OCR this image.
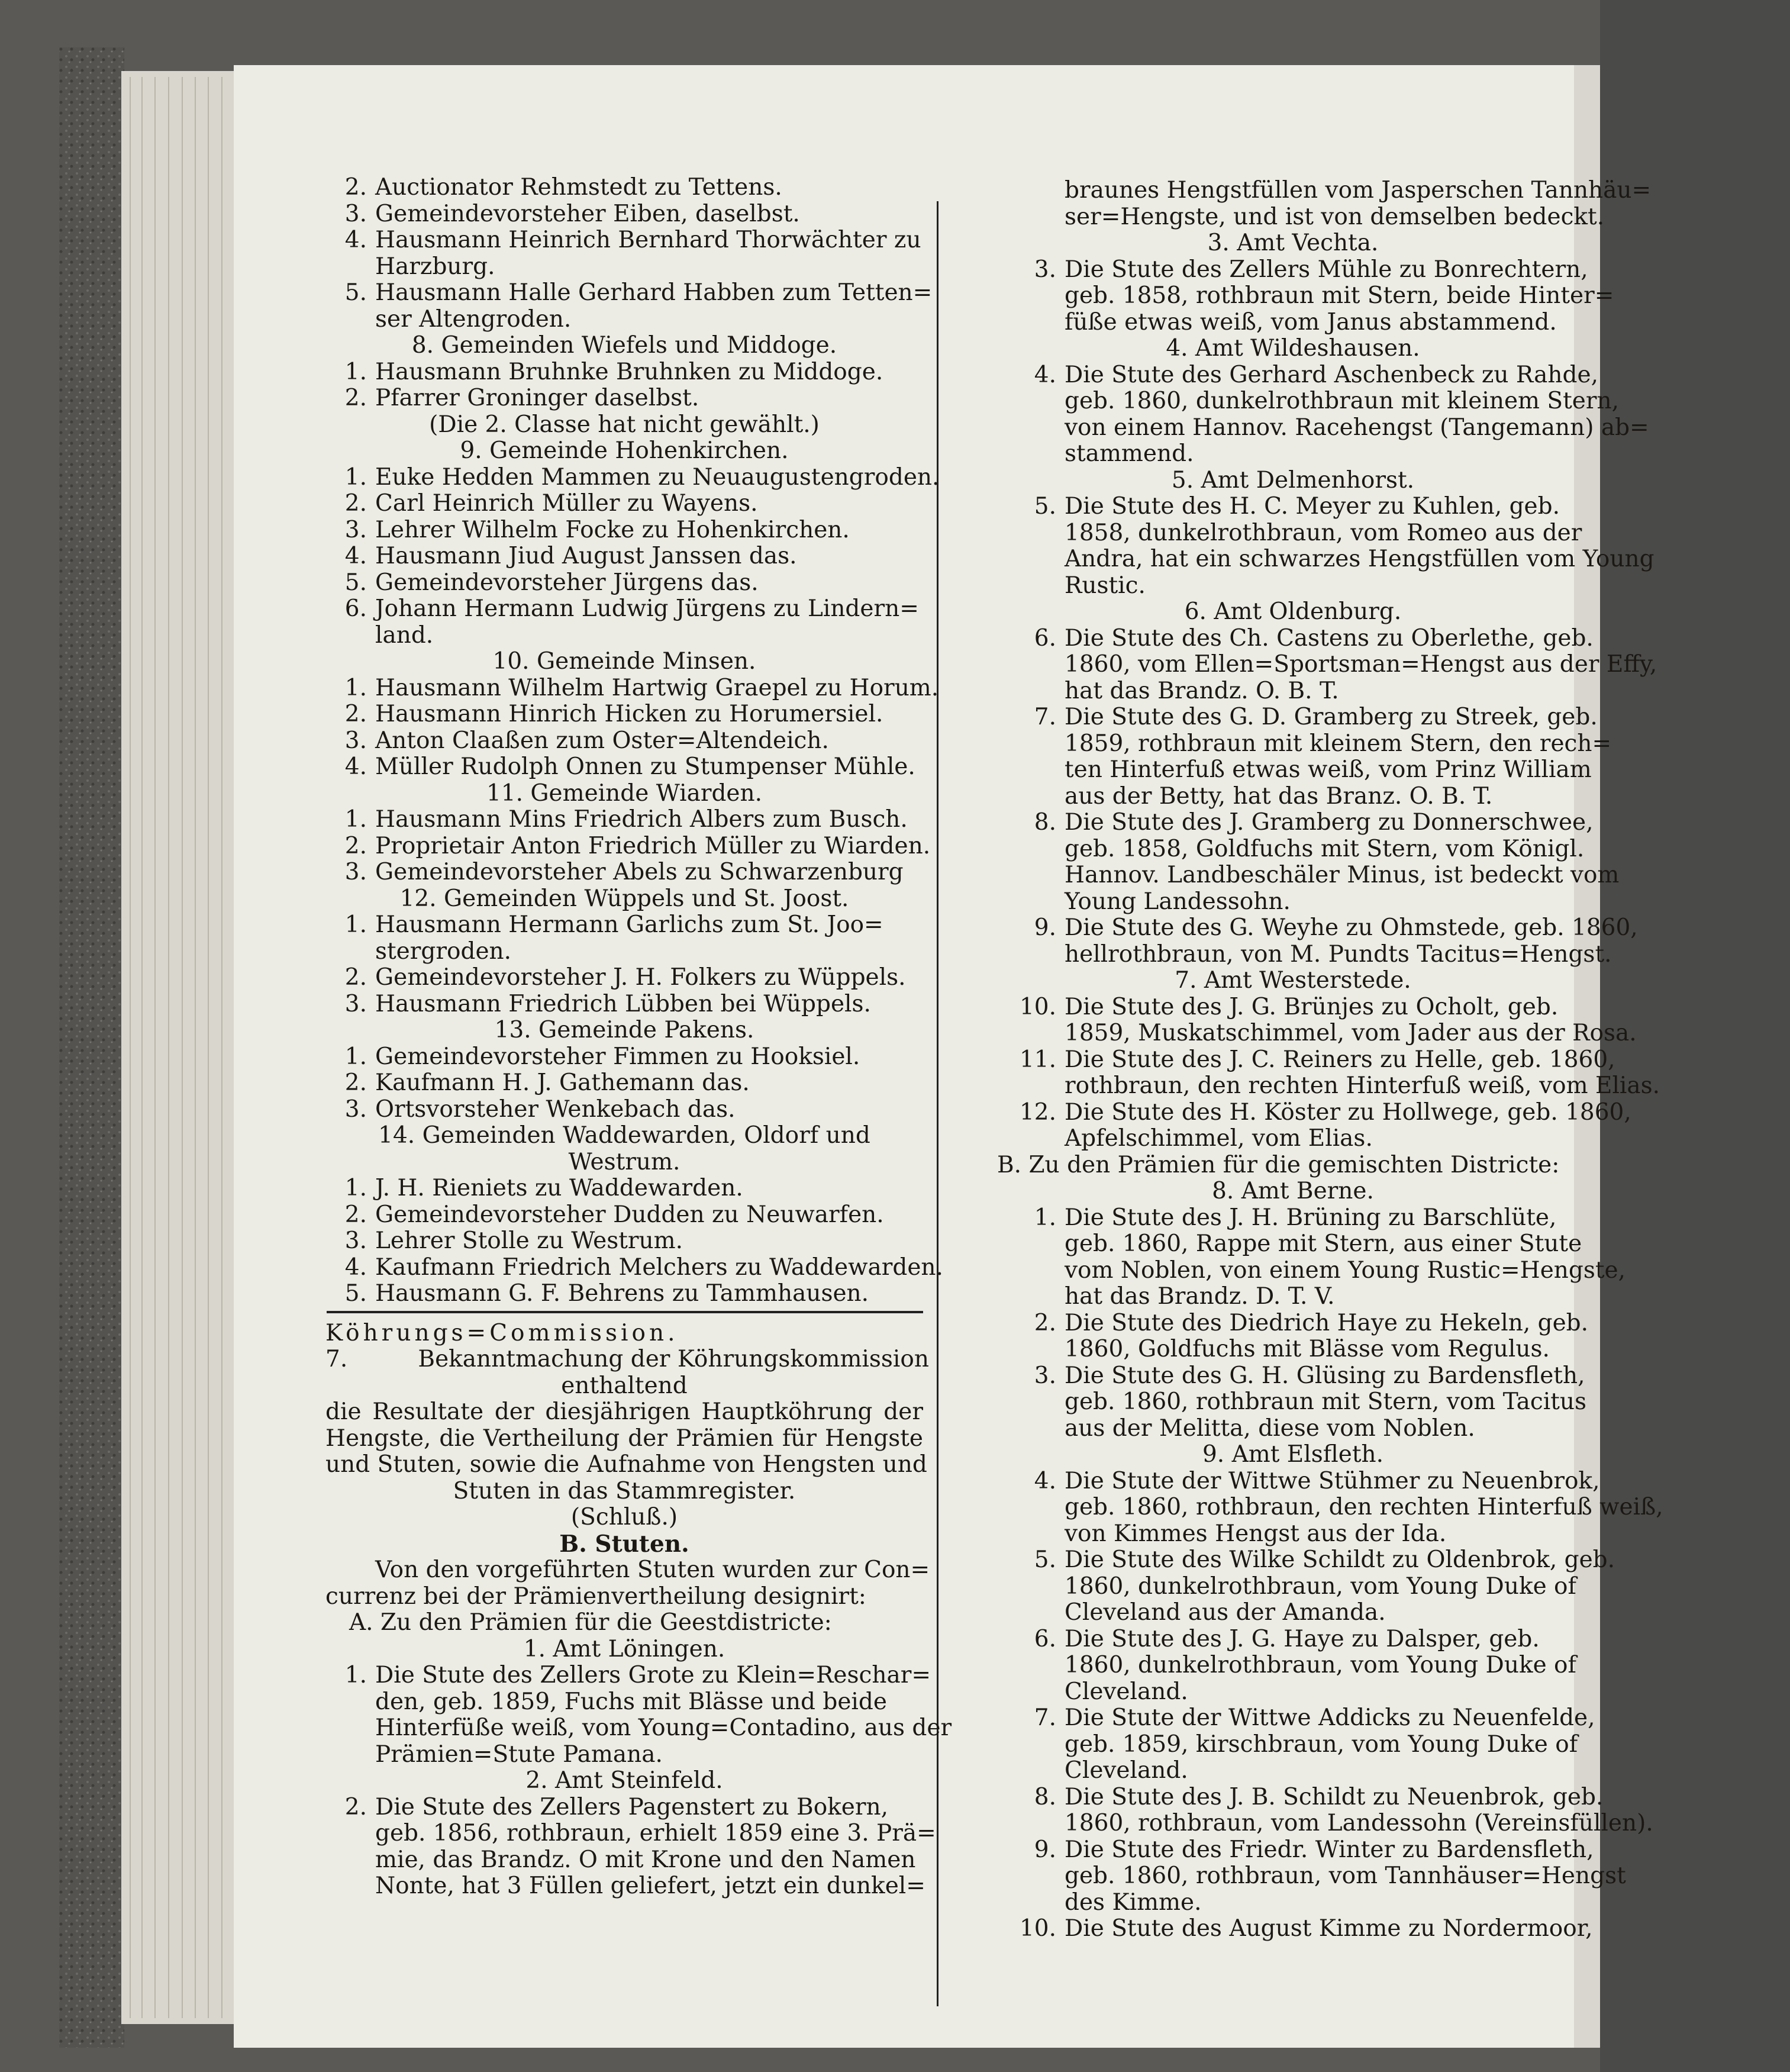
2. Auctionator Rehmstedt zu Tettens.
3. Gemeindevorsteher Eiben, daselbst.
4. Hausmann Heinrich Bernhard Thorwächter zu
Harzburg.
5. Hausmann Halle Gerhard Habben zum Tetten=
ser Altengroden.
8. Gemeinden Wiefels und Middoge.
1. Hausmann Bruhnke Bruhnken zu Middoge.
2. Pfarrer Groninger daselbst.
(Die 2. Classe hat nicht gewählt.)
9. Gemeinde Hohenkirchen.
1. Euke Hedden Mammen zu Neuaugustengroden.
2. Carl Heinrich Müller zu Wayens.
3. Lehrer Wilhelm Focke zu Hohenkirchen.
4. Hausmann Jiud August Janssen das.
5. Gemeindevorsteher Jürgens das.
6. Johann Hermann Ludwig Jürgens zu Lindern=
land.
10. Gemeinde Minsen.
1. Hausmann Wilhelm Hartwig Graepel zu Horum.
2. Hausmann Hinrich Hicken zu Horumersiel.
3. Anton Claaßen zum Oster=Altendeich.
4. Müller Rudolph Onnen zu Stumpenser Mühle.
11. Gemeinde Wiarden.
1. Hausmann Mins Friedrich Albers zum Busch.
2. Proprietair Anton Friedrich Müller zu Wiarden.
3. Gemeindevorsteher Abels zu Schwarzenburg
12. Gemeinden Wüppels und St. Joost.
1. Hausmann Hermann Garlichs zum St. Joo=
stergroden.
2. Gemeindevorsteher J. H. Folkers zu Wüppels.
3. Hausmann Friedrich Lübben bei Wüppels.
13. Gemeinde Pakens.
1. Gemeindevorsteher Fimmen zu Hooksiel.
2. Kaufmann H. J. Gathemann das.
3. Ortsvorsteher Wenkebach das.
14. Gemeinden Waddewarden, Oldorf und
Westrum.
1. J. H. Rieniets zu Waddewarden.
2. Gemeindevorsteher Dudden zu Neuwarfen.
3. Lehrer Stolle zu Westrum.
4. Kaufmann Friedrich Melchers zu Waddewarden.
5. Hausmann G. F. Behrens zu Tammhausen.
Köhrungs=Commission.
7.	Bekanntmachung der Köhrungskommission
enthaltend
die Resultate der diesjährigen Hauptköhrung der
Hengste, die Vertheilung der Prämien für Hengste
und Stuten, sowie die Aufnahme von Hengsten und
Stuten in das Stammregister.
(Schluß.)
B. Stuten.
Von den vorgeführten Stuten wurden zur Con=
currenz bei der Prämienvertheilung designirt:
A. Zu den Prämien für die Geestdistricte:
1. Amt Löningen.
1. Die Stute des Zellers Grote zu Klein=Reschar=
den, geb. 1859, Fuchs mit Blässe und beide
Hinterfüße weiß, vom Young=Contadino, aus der
Prämien=Stute Pamana.
2. Amt Steinfeld.
2. Die Stute des Zellers Pagenstert zu Bokern,
geb. 1856, rothbraun, erhielt 1859 eine 3. Prä=
mie, das Brandz. O mit Krone und den Namen
Nonte, hat 3 Füllen geliefert, jetzt ein dunkel=
braunes Hengstfüllen vom Jasperschen Tannhäu=
ser=Hengste, und ist von demselben bedeckt.
3. Amt Vechta.
3. Die Stute des Zellers Mühle zu Bonrechtern,
geb. 1858, rothbraun mit Stern, beide Hinter=
füße etwas weiß, vom Janus abstammend.
4. Amt Wildeshausen.
4. Die Stute des Gerhard Aschenbeck zu Rahde,
geb. 1860, dunkelrothbraun mit kleinem Stern,
von einem Hannov. Racehengst (Tangemann) ab=
stammend.
5. Amt Delmenhorst.
5. Die Stute des H. C. Meyer zu Kuhlen, geb.
1858, dunkelrothbraun, vom Romeo aus der
Andra, hat ein schwarzes Hengstfüllen vom Young
Rustic.
6. Amt Oldenburg.
6. Die Stute des Ch. Castens zu Oberlethe, geb.
1860, vom Ellen=Sportsman=Hengst aus der Effy,
hat das Brandz. O. B. T.
7. Die Stute des G. D. Gramberg zu Streek, geb.
1859, rothbraun mit kleinem Stern, den rech=
ten Hinterfuß etwas weiß, vom Prinz William
aus der Betty, hat das Branz. O. B. T.
8. Die Stute des J. Gramberg zu Donnerschwee,
geb. 1858, Goldfuchs mit Stern, vom Königl.
Hannov. Landbeschäler Minus, ist bedeckt vom
Young Landessohn.
9. Die Stute des G. Weyhe zu Ohmstede, geb. 1860,
hellrothbraun, von M. Pundts Tacitus=Hengst.
7. Amt Westerstede.
10. Die Stute des J. G. Brünjes zu Ocholt, geb.
1859, Muskatschimmel, vom Jader aus der Rosa.
11. Die Stute des J. C. Reiners zu Helle, geb. 1860,
rothbraun, den rechten Hinterfuß weiß, vom Elias.
12. Die Stute des H. Köster zu Hollwege, geb. 1860,
Apfelschimmel, vom Elias.
B. Zu den Prämien für die gemischten Districte:
8. Amt Berne.
1. Die Stute des J. H. Brüning zu Barschlüte,
geb. 1860, Rappe mit Stern, aus einer Stute
vom Noblen, von einem Young Rustic=Hengste,
hat das Brandz. D. T. V.
2. Die Stute des Diedrich Haye zu Hekeln, geb.
1860, Goldfuchs mit Blässe vom Regulus.
3. Die Stute des G. H. Glüsing zu Bardensfleth,
geb. 1860, rothbraun mit Stern, vom Tacitus
aus der Melitta, diese vom Noblen.
9. Amt Elsfleth.
4. Die Stute der Wittwe Stühmer zu Neuenbrok,
geb. 1860, rothbraun, den rechten Hinterfuß weiß,
von Kimmes Hengst aus der Ida.
5. Die Stute des Wilke Schildt zu Oldenbrok, geb.
1860, dunkelrothbraun, vom Young Duke of
Cleveland aus der Amanda.
6. Die Stute des J. G. Haye zu Dalsper, geb.
1860, dunkelrothbraun, vom Young Duke of
Cleveland.
7. Die Stute der Wittwe Addicks zu Neuenfelde,
geb. 1859, kirschbraun, vom Young Duke of
Cleveland.
8. Die Stute des J. B. Schildt zu Neuenbrok, geb.
1860, rothbraun, vom Landessohn (Vereinsfüllen).
9. Die Stute des Friedr. Winter zu Bardensfleth,
geb. 1860, rothbraun, vom Tannhäuser=Hengst
des Kimme.
10. Die Stute des August Kimme zu Nordermoor,
